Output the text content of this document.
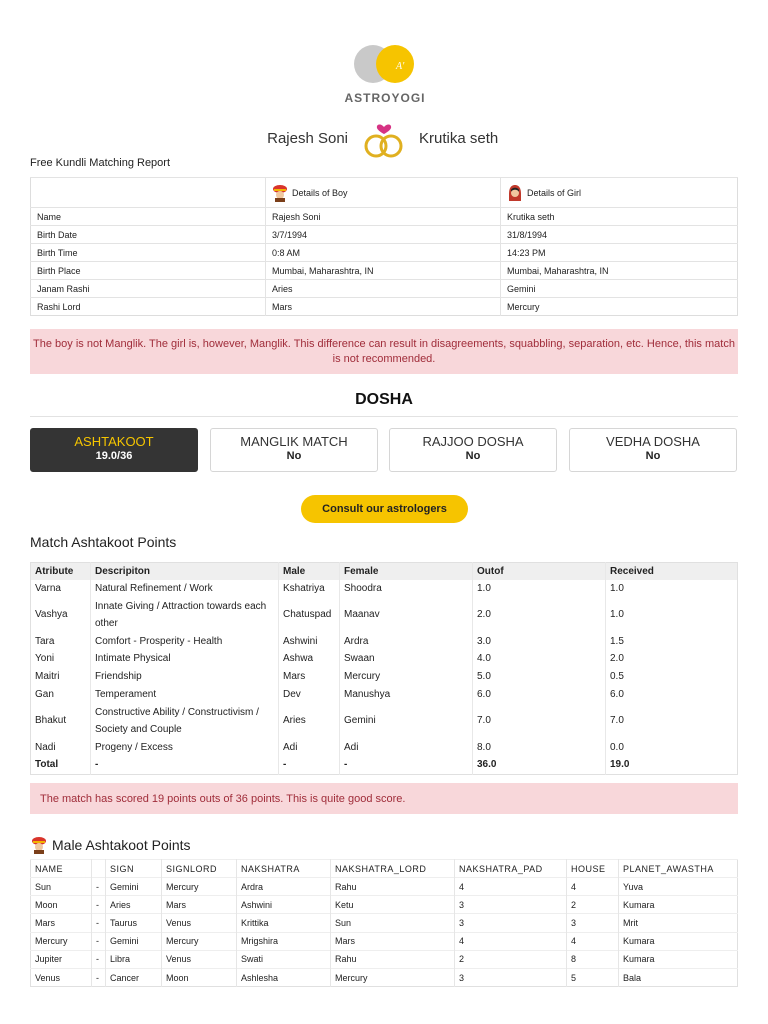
A'
ASTROYOGI
Rajesh Soni	Krutika seth
Free Kundli Matching Report

	Details of Boy	Details of Girl

Name	Rajesh Soni	Krutika seth
Birth Date	3/7/1994	31/8/1994
Birth Time	0:8 AM	14:23 PM
Birth Place	Mumbai, Maharashtra, IN	Mumbai, Maharashtra, IN
Janam Rashi	Aries	Gemini
Rashi Lord	Mars	Mercury
The boy is not Manglik. The girl is, however, Manglik. This difference can result in disagreements, squabbling, separation, etc. Hence, this match is not recommended.
DOSHA
ASHTAKOOT
19.0/36
MANGLIK MATCH
No
RAJJOO DOSHA
No
VEDHA DOSHA
No
Consult our astrologers
Match Ashtakoot Points
Atribute	Descripiton	Male	Female	Outof	Received
Varna	Natural Refinement / Work	Kshatriya	Shoodra	1.0	1.0
Vashya	Innate Giving / Attraction towards each other	Chatuspad	Maanav	2.0	1.0
Tara	Comfort - Prosperity - Health	Ashwini	Ardra	3.0	1.5
Yoni	Intimate Physical	Ashwa	Swaan	4.0	2.0
Maitri	Friendship	Mars	Mercury	5.0	0.5
Gan	Temperament	Dev	Manushya	6.0	6.0
Bhakut	Constructive Ability / Constructivism / Society and Couple	Aries	Gemini	7.0	7.0
Nadi	Progeny / Excess	Adi	Adi	8.0	0.0
Total	-	-	-	36.0	19.0
The match has scored 19 points outs of 36 points. This is quite good score.
Male Ashtakoot Points
NAME		SIGN	SIGNLORD	NAKSHATRA	NAKSHATRA_LORD	NAKSHATRA_PAD	HOUSE	PLANET_AWASTHA
Sun	-	Gemini	Mercury	Ardra	Rahu	4	4	Yuva
Moon	-	Aries	Mars	Ashwini	Ketu	3	2	Kumara
Mars	-	Taurus	Venus	Krittika	Sun	3	3	Mrit
Mercury	-	Gemini	Mercury	Mrigshira	Mars	4	4	Kumara
Jupiter	-	Libra	Venus	Swati	Rahu	2	8	Kumara
Venus	-	Cancer	Moon	Ashlesha	Mercury	3	5	Bala
